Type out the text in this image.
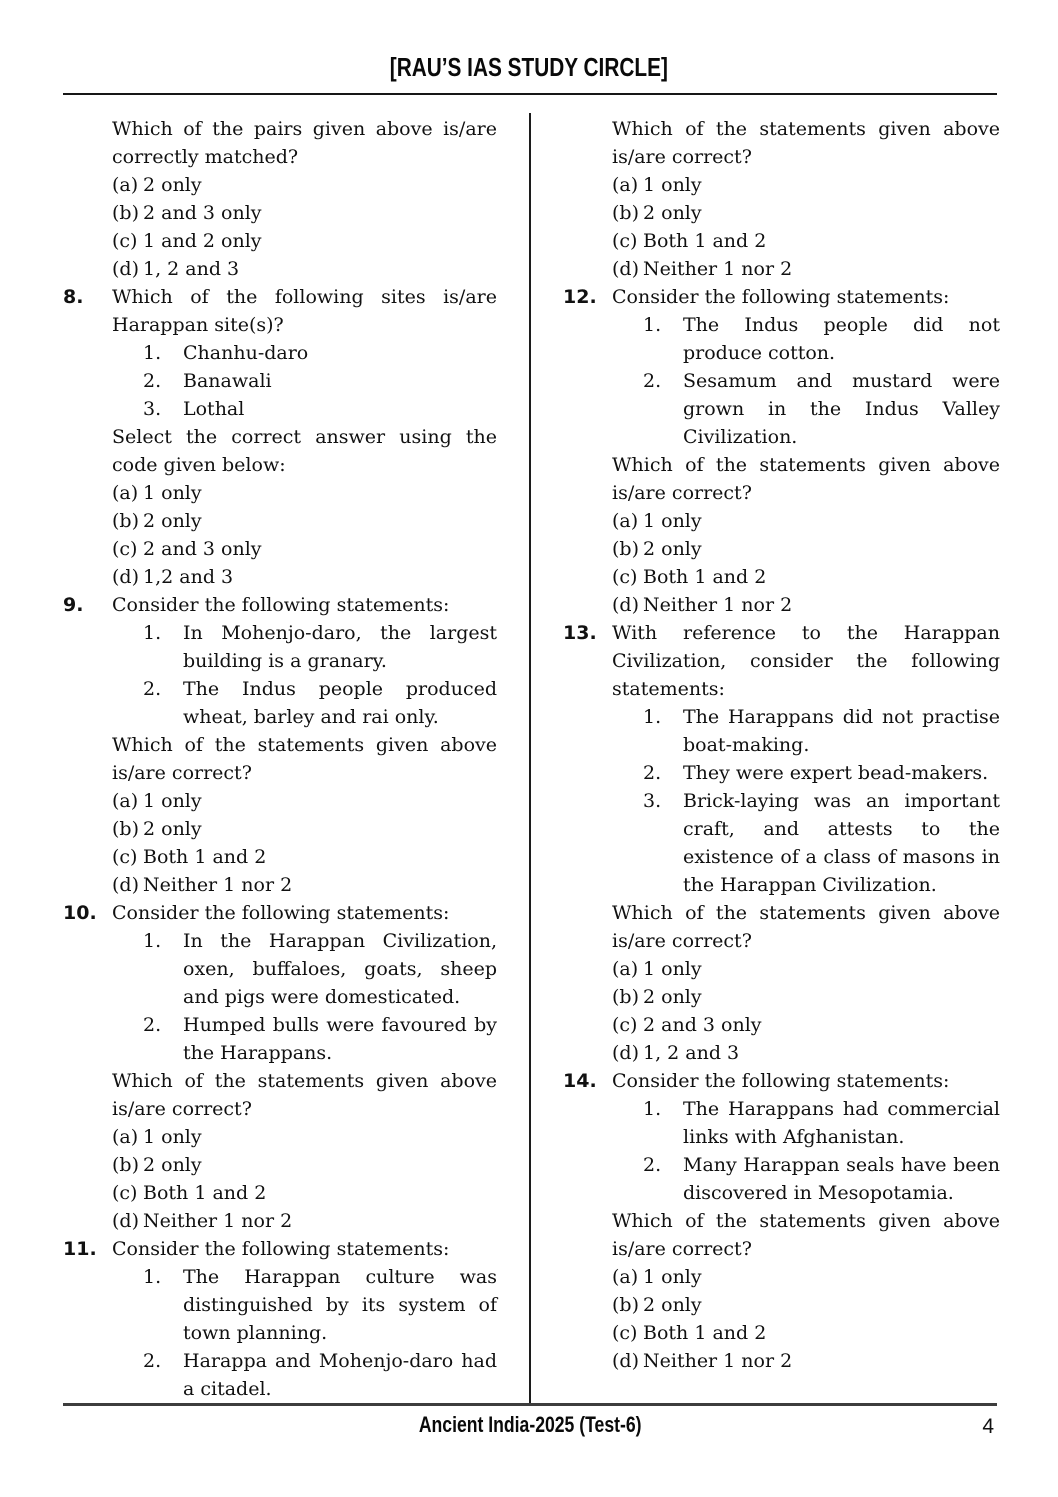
[RAU’S IAS STUDY CIRCLE]

Which of the pairs given above is/are correctly matched?

(a) 2 only
(b) 2 and 3 only
(c) 1 and 2 only
(d) 1, 2 and 3
8.	Which of the following sites is/are Harappan site(s)?

1.	Chanhu-daro
2.	Banawali
3.	Lothal

Select the correct answer using the code given below:

(a) 1 only
(b) 2 only
(c) 2 and 3 only
(d) 1,2 and 3
9.	Consider the following statements:

1.	In Mohenjo-daro, the largest building is a granary.
2.	The Indus people produced wheat, barley and rai only.

Which of the statements given above is/are correct?

(a) 1 only
(b) 2 only
(c) Both 1 and 2
(d) Neither 1 nor 2
10. Consider the following statements:

1.	In the Harappan Civilization, oxen, buffaloes, goats, sheep and pigs were domesticated.
2.	Humped bulls were favoured by the Harappans.

Which of the statements given above is/are correct?

(a) 1 only
(b) 2 only
(c) Both 1 and 2
(d) Neither 1 nor 2
11. Consider the following statements:

1.	The Harappan culture was distinguished by its system of town planning.
2.	Harappa and Mohenjo-daro had a citadel.

Which of the statements given above is/are correct?

(a) 1 only
(b) 2 only
(c) Both 1 and 2
(d) Neither 1 nor 2
12. Consider the following statements:

1.	The Indus people did not produce cotton.
2.	Sesamum and mustard were grown in the Indus Valley Civilization.

Which of the statements given above is/are correct?

(a) 1 only
(b) 2 only
(c) Both 1 and 2
(d) Neither 1 nor 2
13. With reference to the Harappan Civilization, consider the following statements:

1.	The Harappans did not practise boat-making.
2.	They were expert bead-makers.
3.	Brick-laying was an important craft, and attests to the existence of a class of masons in the Harappan Civilization.

Which of the statements given above is/are correct?

(a) 1 only
(b) 2 only
(c) 2 and 3 only
(d) 1, 2 and 3
14. Consider the following statements:

1.	The Harappans had commercial links with Afghanistan.
2.	Many Harappan seals have been discovered in Mesopotamia.

Which of the statements given above is/are correct?

(a) 1 only
(b) 2 only
(c) Both 1 and 2
(d) Neither 1 nor 2
Ancient India-2025 (Test-6)	4
